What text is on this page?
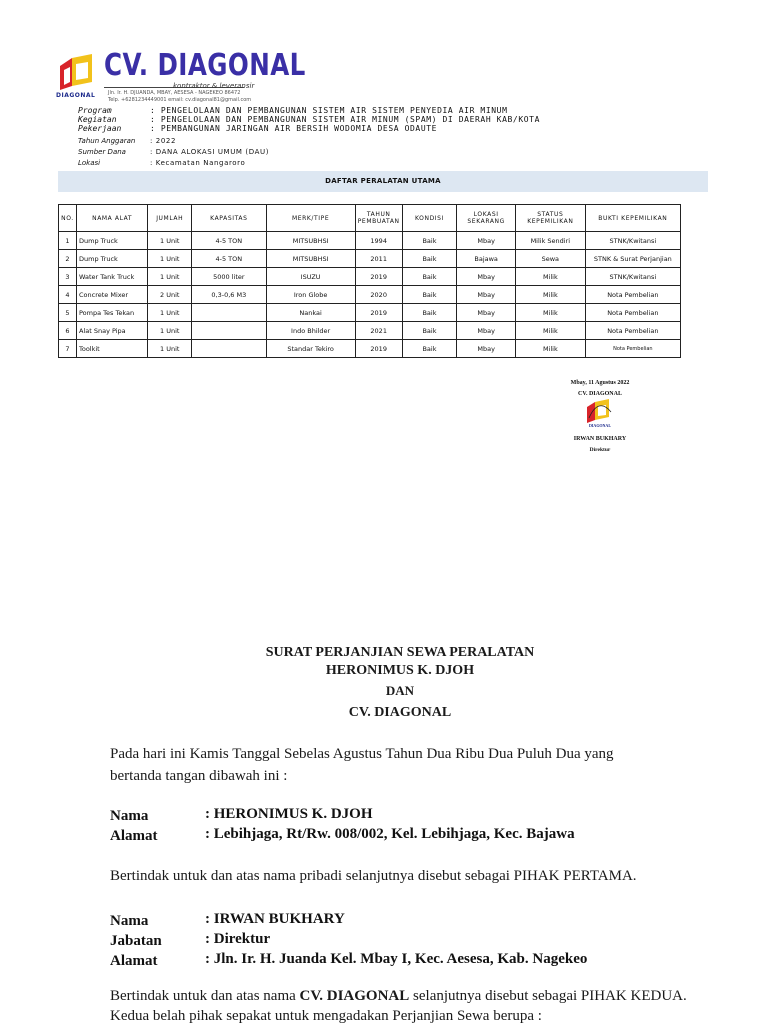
DIAGONAL
CV. DIAGONAL
kontraktor & leveransir
Jln. Ir. H. DJUANDA, MBAY, AESESA - NAGEKEO 86472
Telp. +6281234449001 email: cv.diagonal81@gmail.com
Program	: PENGELOLAAN DAN PEMBANGUNAN SISTEM AIR SISTEM PENYEDIA AIR MINUM
Kegiatan	: PENGELOLAAN DAN PEMBANGUNAN SISTEM AIR MINUM (SPAM) DI DAERAH KAB/KOTA
Pekerjaan	: PEMBANGUNAN JARINGAN AIR BERSIH WODOMIA DESA ODAUTE
Tahun Anggaran : 2022
Sumber Dana	: DANA ALOKASI UMUM (DAU)
Lokasi	: Kecamatan Nangaroro
DAFTAR PERALATAN UTAMA
NO.	NAMA ALAT	JUMLAH	KAPASITAS	MERK/TIPE	TAHUN PEMBUATAN	KONDISI	LOKASI SEKARANG	STATUS KEPEMILIKAN	BUKTI KEPEMILIKAN
1	Dump Truck	1 Unit	4-5 TON	MITSUBHSI	1994	Baik	Mbay	Milik Sendiri	STNK/Kwitansi
2	Dump Truck	1 Unit	4-5 TON	MITSUBHSI	2011	Baik	Bajawa	Sewa	STNK & Surat Perjanjian
3	Water Tank Truck	1 Unit	5000 liter	ISUZU	2019	Baik	Mbay	Milik	STNK/Kwitansi
4	Concrete Mixer	2 Unit	0,3-0,6 M3	Iron Globe	2020	Baik	Mbay	Milik	Nota Pembelian
5	Pompa Tes Tekan	1 Unit		Nankai	2019	Baik	Mbay	Milik	Nota Pembelian
6	Alat Snay Pipa	1 Unit		Indo Bhilder	2021	Baik	Mbay	Milik	Nota Pembelian
7	Toolkit	1 Unit		Standar Tekiro	2019	Baik	Mbay	Milik	Nota Pembelian
Mbay, 11 Agustus 2022
CV. DIAGONAL
DIAGONAL
IRWAN BUKHARY
Direktur
SURAT PERJANJIAN SEWA PERALATAN
HERONIMUS K. DJOH
DAN
CV. DIAGONAL
Pada hari ini Kamis Tanggal Sebelas Agustus Tahun Dua Ribu Dua Puluh Dua yang
bertanda tangan dibawah ini :
Nama	: HERONIMUS K. DJOH
Alamat	: Lebihjaga, Rt/Rw. 008/002, Kel. Lebihjaga, Kec. Bajawa
Bertindak untuk dan atas nama pribadi selanjutnya disebut sebagai PIHAK PERTAMA.
Nama	: IRWAN BUKHARY
Jabatan	: Direktur
Alamat	: Jln. Ir. H. Juanda Kel. Mbay I, Kec. Aesesa, Kab. Nagekeo
Bertindak untuk dan atas nama CV. DIAGONAL selanjutnya disebut sebagai PIHAK KEDUA.
Kedua belah pihak sepakat untuk mengadakan Perjanjian Sewa berupa :
